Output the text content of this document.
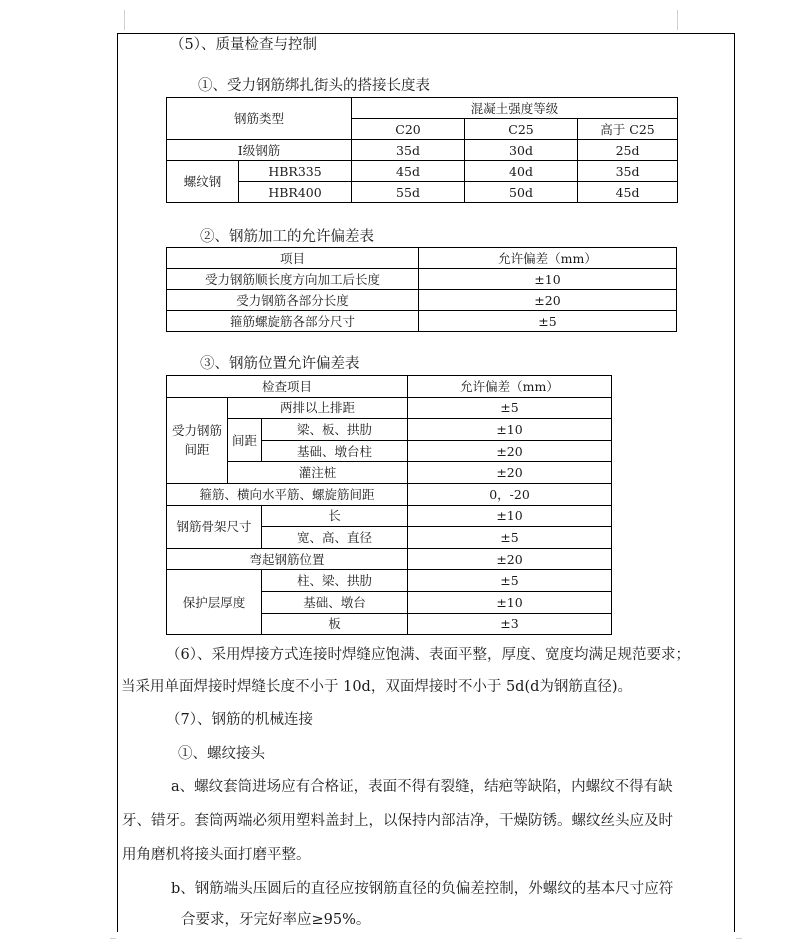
（5）、质量检查与控制
①、受力钢筋绑扎街头的搭接长度表
钢筋类型		混凝土强度等级		
		C20	C25	高于 C25
I级钢筋		35d	30d	25d
螺纹钢	HBR335	45d	40d	35d
	HBR400	55d	50d	45d
②、钢筋加工的允许偏差表
项目	允许偏差（mm）
受力钢筋顺长度方向加工后长度	±10
受力钢筋各部分长度	±20
箍筋螺旋筋各部分尺寸	±5
③、钢筋位置允许偏差表
检查项目			允许偏差（mm）
受力钢筋间距	两排以上排距		±5
	间距	梁、板、拱肋	±10
		基础、墩台柱	±20
	灌注桩		±20
箍筋、横向水平筋、螺旋筋间距			0，-20
钢筋骨架尺寸		长	±10
		宽、高、直径	±5
弯起钢筋位置			±20
保护层厚度		柱、梁、拱肋	±5
		基础、墩台	±10
		板	±3
（6）、采用焊接方式连接时焊缝应饱满、表面平整，厚度、宽度均满足规范要求；
当采用单面焊接时焊缝长度不小于 10d，双面焊接时不小于 5d(d为钢筋直径)。
（7）、钢筋的机械连接
①、螺纹接头
a、螺纹套筒进场应有合格证，表面不得有裂缝，结疤等缺陷，内螺纹不得有缺
牙、错牙。套筒两端必须用塑料盖封上，以保持内部洁净，干燥防锈。螺纹丝头应及时
用角磨机将接头面打磨平整。
b、钢筋端头压圆后的直径应按钢筋直径的负偏差控制，外螺纹的基本尺寸应符
合要求，牙完好率应≥95%。
